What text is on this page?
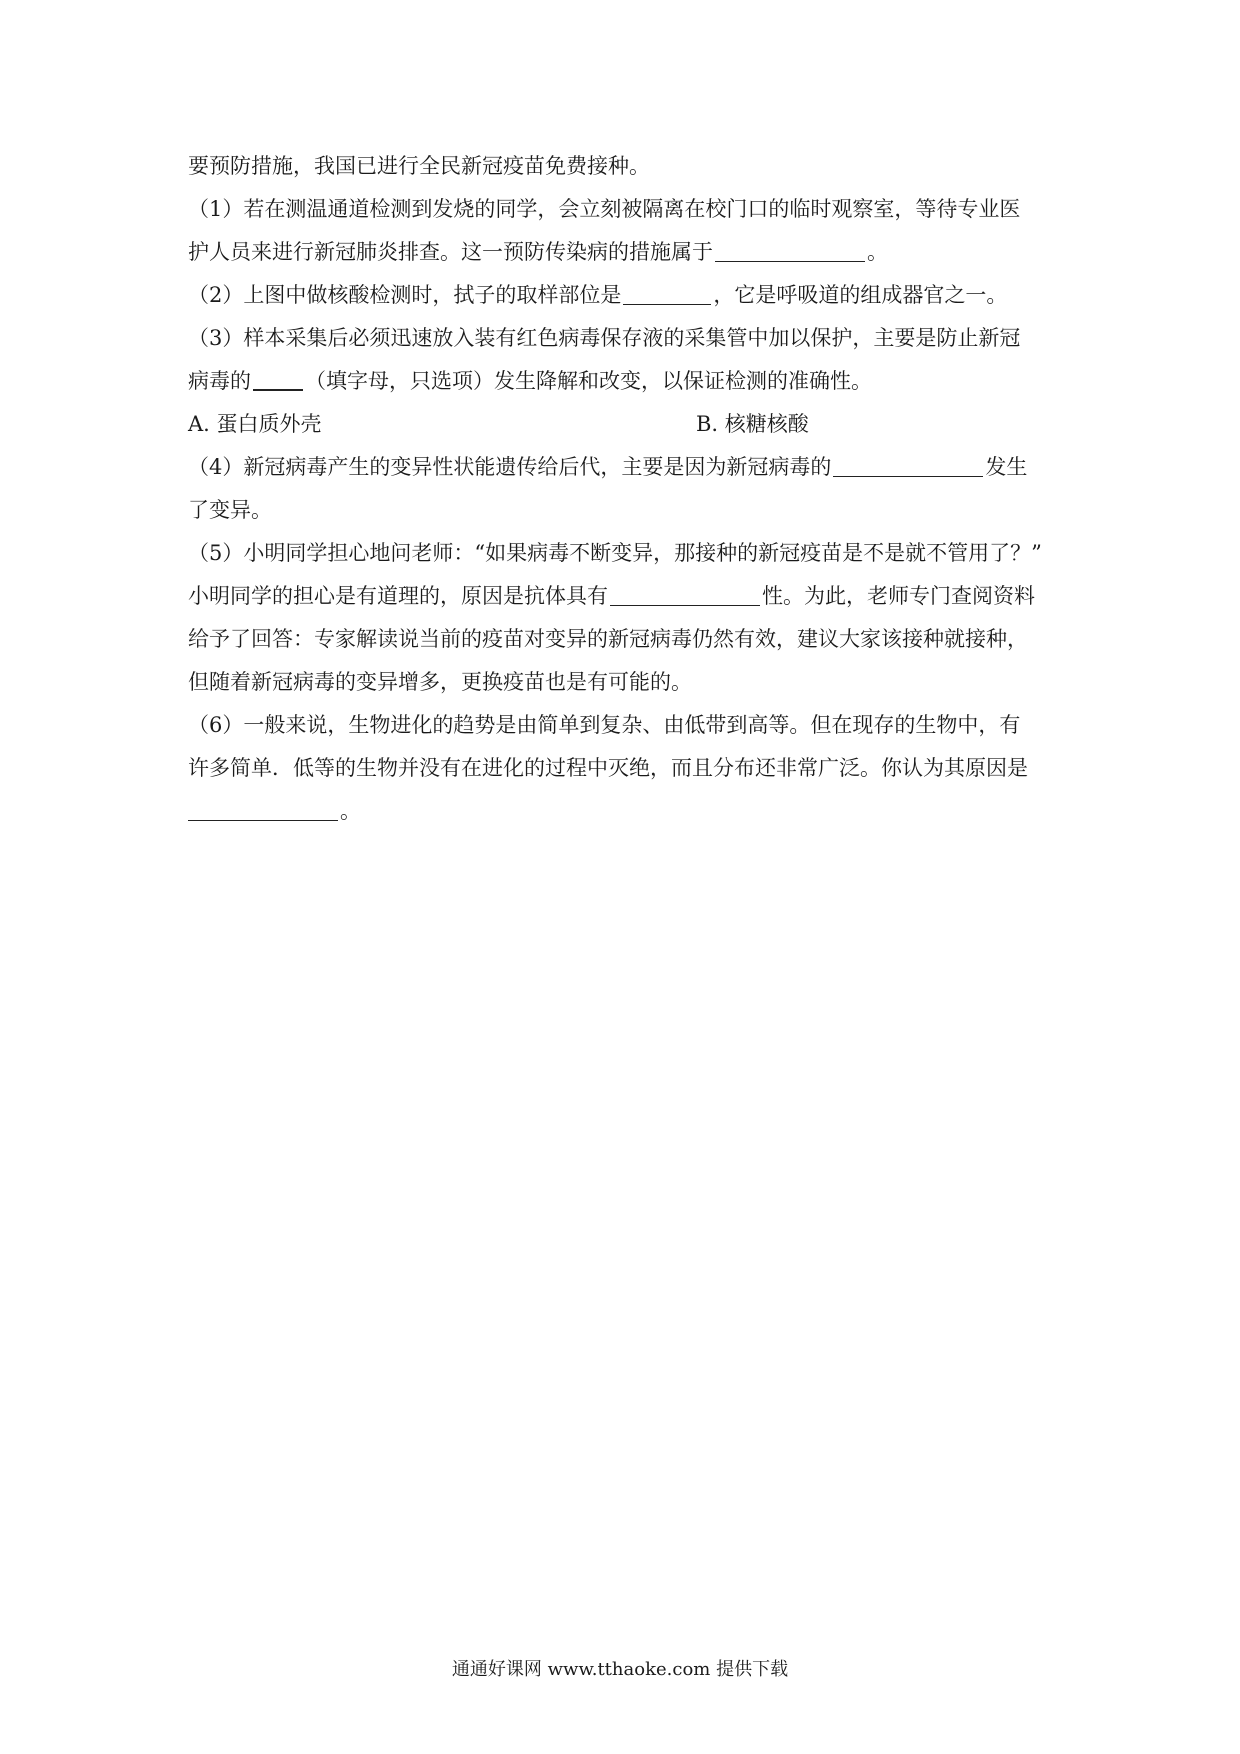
要预防措施，我国已进行全民新冠疫苗免费接种。
（1）若在测温通道检测到发烧的同学，会立刻被隔离在校门口的临时观察室，等待专业医
护人员来进行新冠肺炎排查。这一预防传染病的措施属于	。
（2）上图中做核酸检测时，拭子的取样部位是	，它是呼吸道的组成器官之一。
（3）样本采集后必须迅速放入装有红色病毒保存液的采集管中加以保护，主要是防止新冠
病毒的	（填字母，只选项）发生降解和改变，以保证检测的准确性。
A. 蛋白质外壳	B. 核糖核酸
（4）新冠病毒产生的变异性状能遗传给后代，主要是因为新冠病毒的	发生
了变异。
（5）小明同学担心地问老师：“如果病毒不断变异，那接种的新冠疫苗是不是就不管用了？”
小明同学的担心是有道理的，原因是抗体具有	性。为此，老师专门查阅资料
给予了回答：专家解读说当前的疫苗对变异的新冠病毒仍然有效，建议大家该接种就接种，
但随着新冠病毒的变异增多，更换疫苗也是有可能的。
（6）一般来说，生物进化的趋势是由简单到复杂、由低带到高等。但在现存的生物中，有
许多简单．低等的生物并没有在进化的过程中灭绝，而且分布还非常广泛。你认为其原因是
。
通通好课网 www.tthaoke.com 提供下载
